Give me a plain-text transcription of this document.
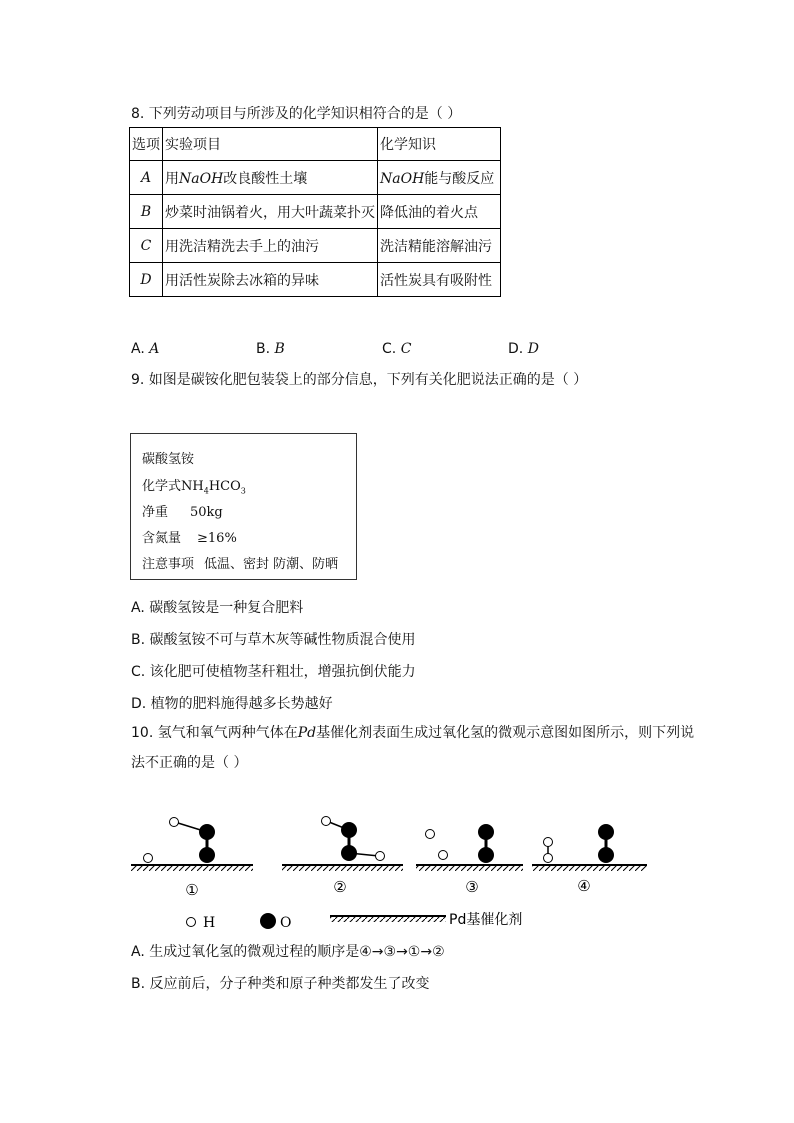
8. 下列劳动项目与所涉及的化学知识相符合的是（ ）
选项	实验项目	化学知识
A	用NaOH改良酸性土壤	NaOH能与酸反应
B	炒菜时油锅着火，用大叶蔬菜扑灭	降低油的着火点
C	用洗洁精洗去手上的油污	洗洁精能溶解油污
D	用活性炭除去冰箱的异味	活性炭具有吸附性
A. A	B. B	C. C	D. D
9. 如图是碳铵化肥包装袋上的部分信息，下列有关化肥说法正确的是（ ）
碳酸氢铵
化学式$NH_4HCO_3$
净重 50kg
含氮量 ≥16%
注意事项 低温、密封 防潮、防晒
A. 碳酸氢铵是一种复合肥料
B. 碳酸氢铵不可与草木灰等碱性物质混合使用
C. 该化肥可使植物茎秆粗壮，增强抗倒伏能力
D. 植物的肥料施得越多长势越好
10. 氢气和氧气两种气体在Pd基催化剂表面生成过氧化氢的微观示意图如图所示，则下列说
法不正确的是（ ）
①	②	③	④
H	O	Pd基催化剂
A. 生成过氧化氢的微观过程的顺序是④→③→①→②
B. 反应前后，分子种类和原子种类都发生了改变
